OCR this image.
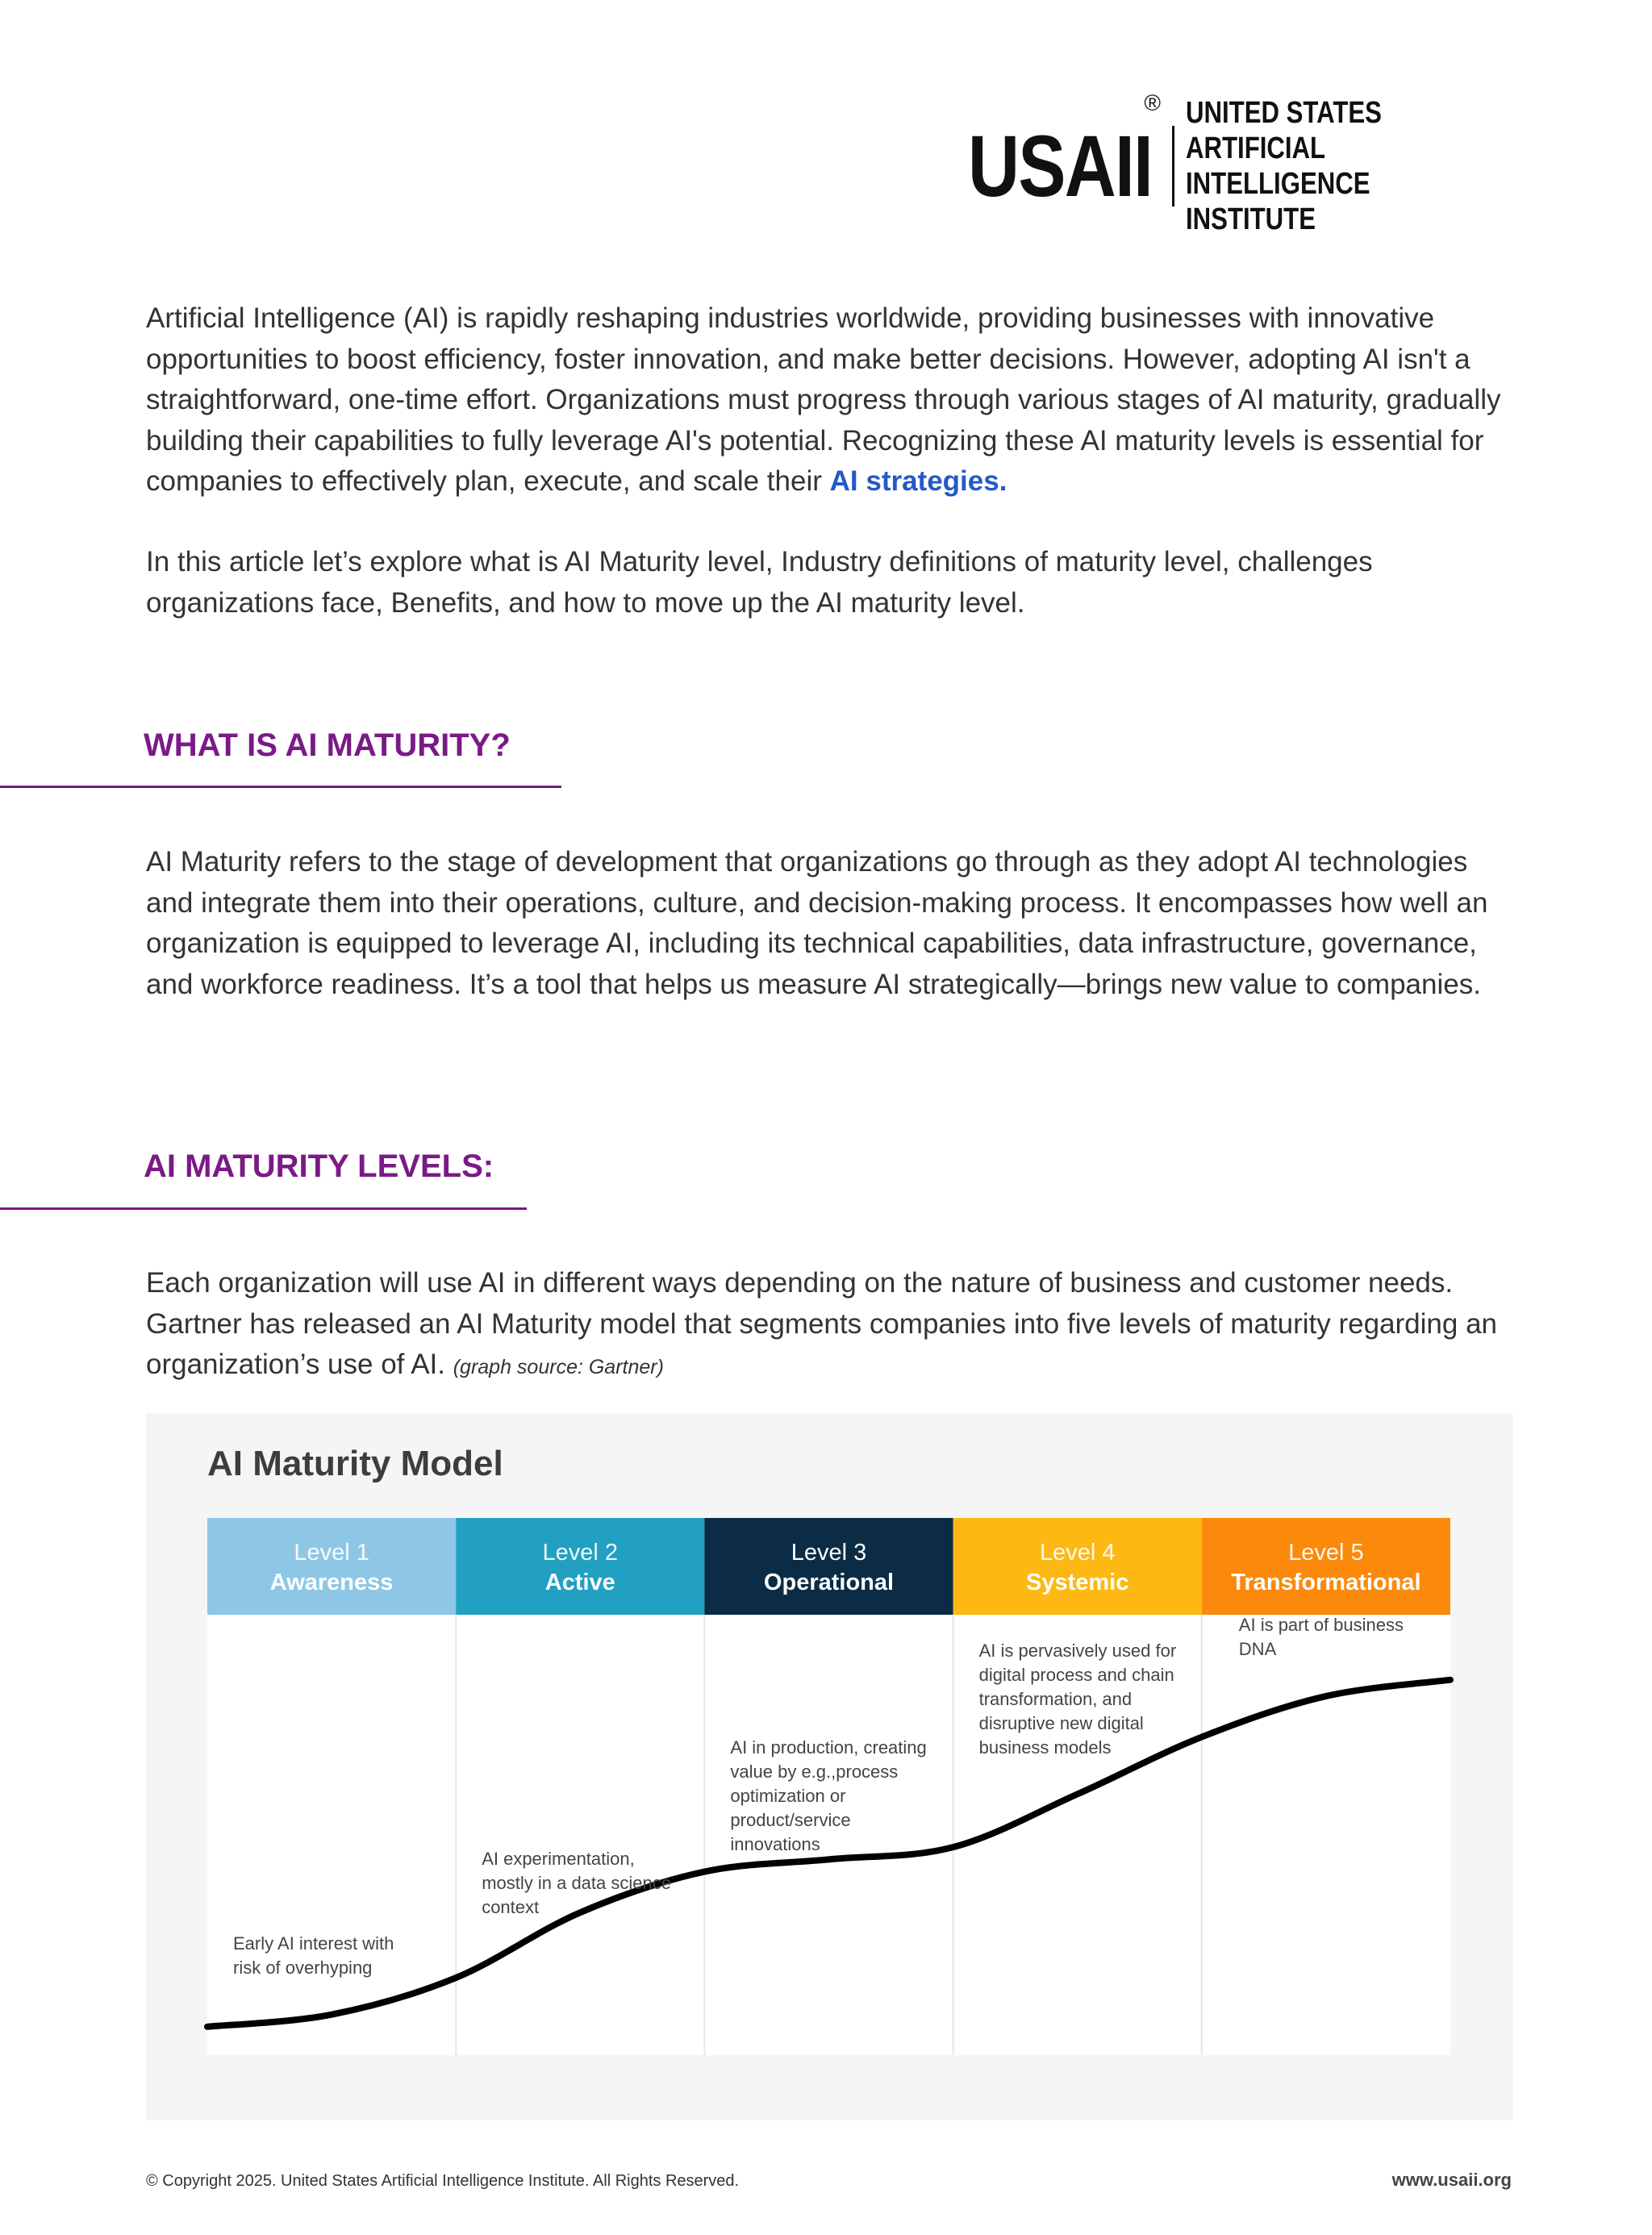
USAII
® UNITED STATES ARTIFICIAL
INTELLIGENCE INSTITUTE

Artificial Intelligence (AI) is rapidly reshaping industries worldwide, providing businesses with innovative opportunities to boost efficiency, foster innovation, and make better decisions. However, adopting AI isn't a straightforward, one-time effort. Organizations must progress through various stages of AI maturity, gradually building their capabilities to fully leverage AI's potential. Recognizing these AI maturity levels is essential for companies to effectively plan, execute, and scale their AI strategies.

In this article let’s explore what is AI Maturity level, Industry definitions of maturity level, challenges organizations face, Benefits, and how to move up the AI maturity level.

WHAT IS AI MATURITY?

AI Maturity refers to the stage of development that organizations go through as they adopt AI technologies and integrate them into their operations, culture, and decision-making process. It encompasses how well an organization is equipped to leverage AI, including its technical capabilities, data infrastructure, governance, and workforce readiness. It’s a tool that helps us measure AI strategically—brings new value to companies.

AI MATURITY LEVELS:

Each organization will use AI in different ways depending on the nature of business and customer needs. Gartner has released an AI Maturity model that segments companies into five levels of maturity regarding an organization’s use of AI. (graph source: Gartner)

AI Maturity Model
Level 1
Awareness
Level 2
Active
Level 3
Operational
Level 4
Systemic
Level 5
Transformational
Early AI interest with
risk of overhyping
AI experimentation,
mostly in a data science
context
AI in production, creating
value by e.g.,process
optimization or
product/service
innovations
AI is pervasively used for
digital process and chain
transformation, and
disruptive new digital
business models
AI is part of business
DNA
© Copyright 2025. United States Artificial Intelligence Institute. All Rights Reserved.	www.usaii.org
